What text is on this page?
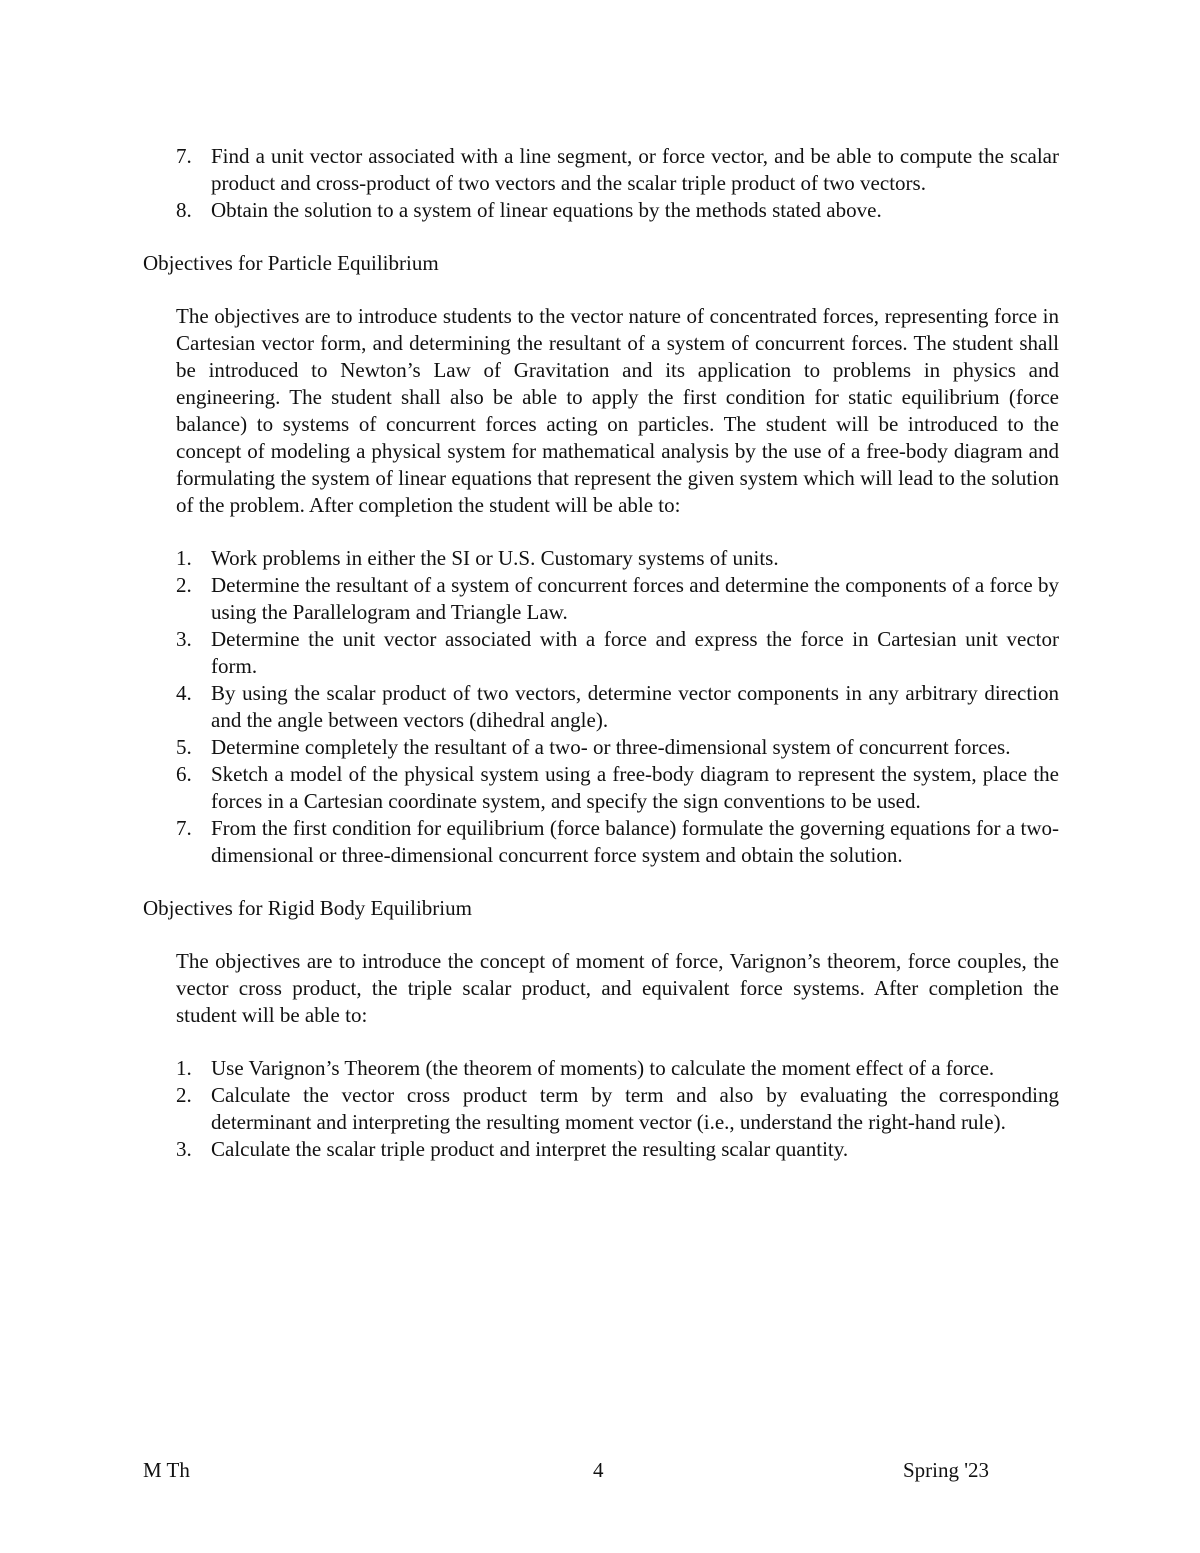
7. Find a unit vector associated with a line segment, or force vector, and be able to compute the scalar product and cross-product of two vectors and the scalar triple product of two vectors.
8. Obtain the solution to a system of linear equations by the methods stated above.
Objectives for Particle Equilibrium

The objectives are to introduce students to the vector nature of concentrated forces, representing force in Cartesian vector form, and determining the resultant of a system of concurrent forces. The student shall be introduced to Newton’s Law of Gravitation and its application to problems in physics and engineering. The student shall also be able to apply the first condition for static equilibrium (force balance) to systems of concurrent forces acting on particles. The student will be introduced to the concept of modeling a physical system for mathematical analysis by the use of a free-body diagram and formulating the system of linear equations that represent the given system which will lead to the solution of the problem. After completion the student will be able to:

1. Work problems in either the SI or U.S. Customary systems of units.
2. Determine the resultant of a system of concurrent forces and determine the components of a force by using the Parallelogram and Triangle Law.
3. Determine the unit vector associated with a force and express the force in Cartesian unit vector form.
4. By using the scalar product of two vectors, determine vector components in any arbitrary direction and the angle between vectors (dihedral angle).
5. Determine completely the resultant of a two- or three-dimensional system of concurrent forces.
6. Sketch a model of the physical system using a free-body diagram to represent the system, place the forces in a Cartesian coordinate system, and specify the sign conventions to be used.
7. From the first condition for equilibrium (force balance) formulate the governing equations for a two-dimensional or three-dimensional concurrent force system and obtain the solution.
Objectives for Rigid Body Equilibrium

The objectives are to introduce the concept of moment of force, Varignon’s theorem, force couples, the vector cross product, the triple scalar product, and equivalent force systems. After completion the student will be able to:

1. Use Varignon’s Theorem (the theorem of moments) to calculate the moment effect of a force.
2. Calculate the vector cross product term by term and also by evaluating the corresponding determinant and interpreting the resulting moment vector (i.e., understand the right-hand rule).
3. Calculate the scalar triple product and interpret the resulting scalar quantity.
M Th	4	Spring '23
